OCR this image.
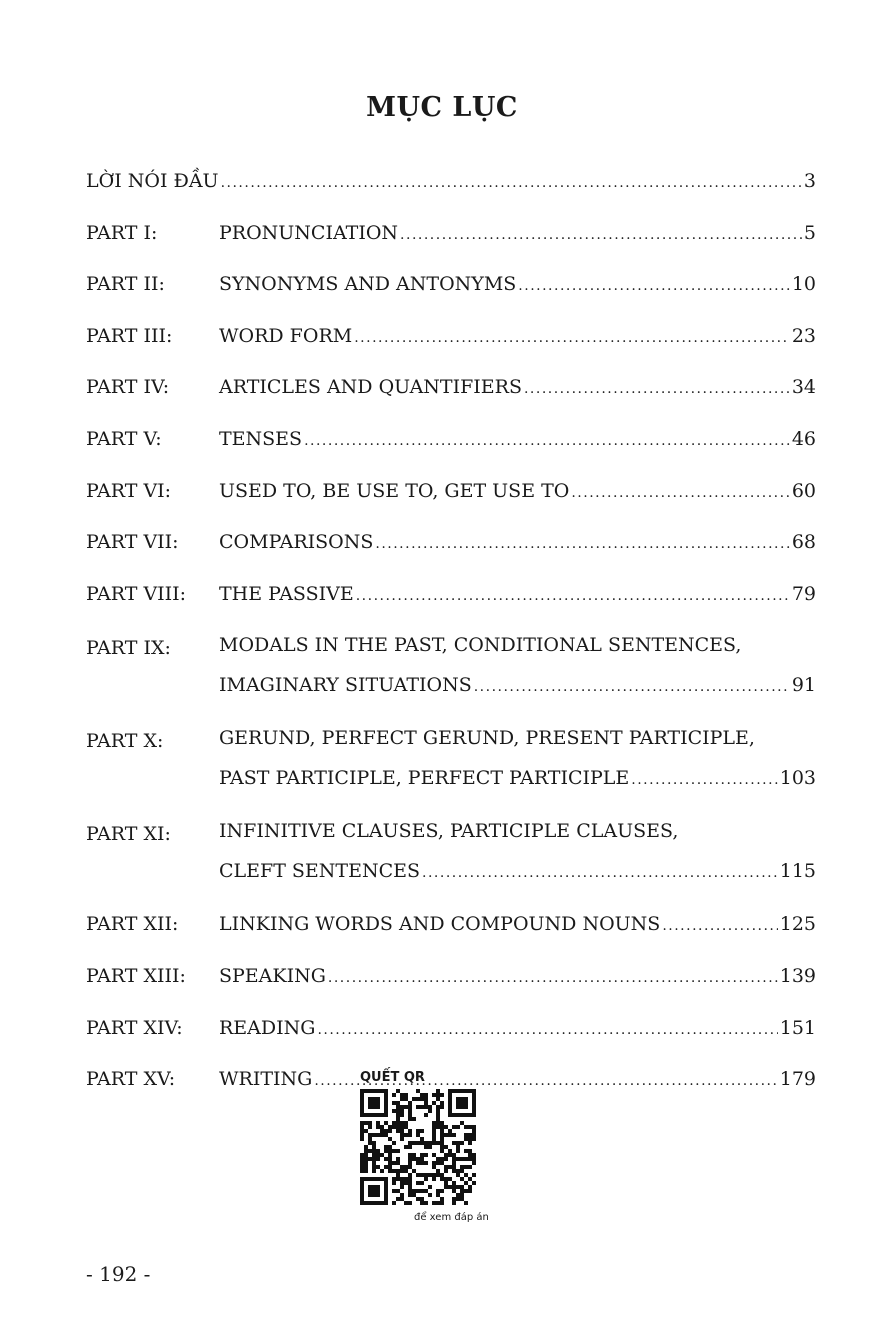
MỤC LỤC
LỜI NÓI ĐẦU .....	3
PART I:	PRONUNCIATION .....	5
PART II:	SYNONYMS AND ANTONYMS .....	10
PART III:	WORD FORM .....	23
PART IV:	ARTICLES AND QUANTIFIERS .....	34
PART V:	TENSES .....	46
PART VI:	USED TO, BE USE TO, GET USE TO .....	60
PART VII:	COMPARISONS .....	68
PART VIII:	THE PASSIVE .....	79
PART IX:	MODALS IN THE PAST, CONDITIONAL SENTENCES,
IMAGINARY SITUATIONS .....	91
PART X:	GERUND, PERFECT GERUND, PRESENT PARTICIPLE,
PAST PARTICIPLE, PERFECT PARTICIPLE .....	103
PART XI:	INFINITIVE CLAUSES, PARTICIPLE CLAUSES,
CLEFT SENTENCES .....	115
PART XII:	LINKING WORDS AND COMPOUND NOUNS .....	125
PART XIII:	SPEAKING .....	139
PART XIV:	READING .....	151
PART XV:	WRITING .....	179
QUẾT QR
để xem đáp án
- 192 -
